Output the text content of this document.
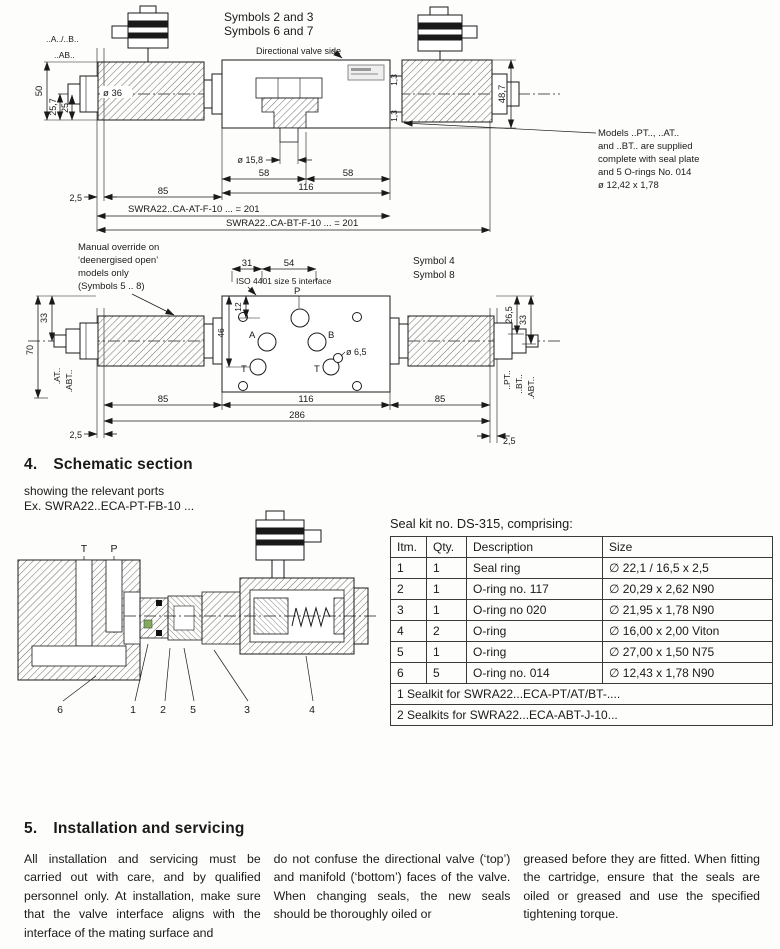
Symbols 2 and 3
Symbols 6 and 7
ø 36
Directional valve side
50
25,7 25
..A../..B..
..AB..
1,3
1,3
48,7
ø 15,8
58	58
116
2,5
85
SWRA22..CA-AT-F-10 ... = 201
SWRA22..CA-BT-F-10 ... = 201
Models ..PT.., ..AT..
and ..BT.. are supplied
complete with seal plate
and 5 O-rings No. 014
ø 12,42 x 1,78
Manual override on
‘deenergised open’
models only
(Symbols 5 .. 8)
Symbol 4
Symbol 8
P
A	B
T	T
ø 6,5
31	54
ISO 4401 size 5 interface
12
46
33
70
.AT.. .ABT..
26,5 33
..PT.. ..BT.. .ABT..
85	116	85
286
2,5
2,5
4. Schematic section
showing the relevant ports
Ex. SWRA22..ECA-PT-FB-10 ...
T P
6	1 2 5	3	4
Seal kit no. DS-315, comprising:
Itm.	Qty.	Description	Size
1	1	Seal ring	∅ 22,1 / 16,5 x 2,5
2	1	O-ring no. 117	∅ 20,29 x 2,62 N90
3	1	O-ring no 020	∅ 21,95 x 1,78 N90
4	2	O-ring	∅ 16,00 x 2,00 Viton
5	1	O-ring	∅ 27,00 x 1,50 N75
6	5	O-ring no. 014	∅ 12,43 x 1,78 N90
1 Sealkit for SWRA22...ECA-PT/AT/BT-....			
2 Sealkits for SWRA22...ECA-ABT-J-10...			
5. Installation and servicing
All installation and servicing must be carried out with care, and by qualified personnel only. At installation, make sure that the valve interface aligns with the interface of the mating surface and
do not confuse the directional valve (‘top’) and manifold (‘bottom’) faces of the valve. When changing seals, the new seals should be thoroughly oiled or
greased before they are fitted. When fitting the cartridge, ensure that the seals are oiled or greased and use the specified tightening torque.
